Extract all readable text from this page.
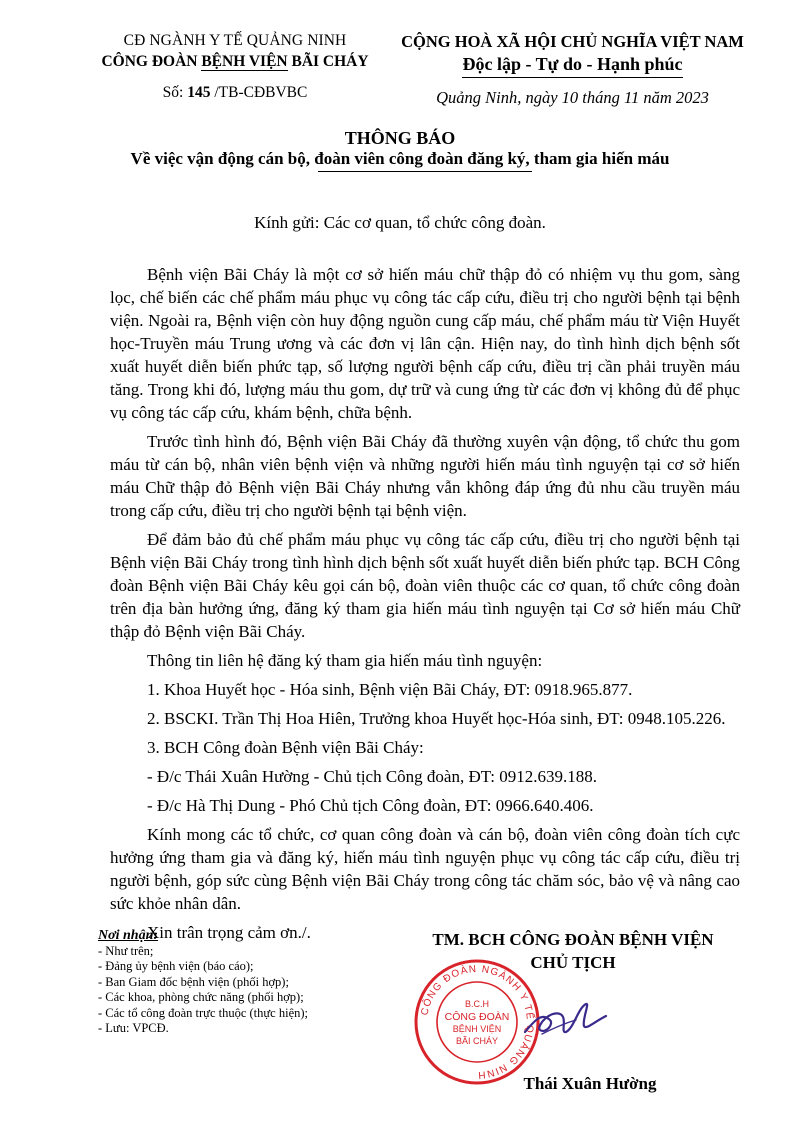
CĐ NGÀNH Y TẾ QUẢNG NINH
CÔNG ĐOÀN BỆNH VIỆN BÃI CHÁY
Số: 145 /TB-CĐBVBC
CỘNG HOÀ XÃ HỘI CHỦ NGHĨA VIỆT NAM
Độc lập - Tự do - Hạnh phúc
Quảng Ninh, ngày 10 tháng 11 năm 2023
THÔNG BÁO
Về việc vận động cán bộ, đoàn viên công đoàn đăng ký, tham gia hiến máu
Kính gửi: Các cơ quan, tổ chức công đoàn.

Bệnh viện Bãi Cháy là một cơ sở hiến máu chữ thập đỏ có nhiệm vụ thu gom, sàng lọc, chế biến các chế phẩm máu phục vụ công tác cấp cứu, điều trị cho người bệnh tại bệnh viện. Ngoài ra, Bệnh viện còn huy động nguồn cung cấp máu, chế phẩm máu từ Viện Huyết học-Truyền máu Trung ương và các đơn vị lân cận. Hiện nay, do tình hình dịch bệnh sốt xuất huyết diễn biến phức tạp, số lượng người bệnh cấp cứu, điều trị cần phải truyền máu tăng. Trong khi đó, lượng máu thu gom, dự trữ và cung ứng từ các đơn vị không đủ để phục vụ công tác cấp cứu, khám bệnh, chữa bệnh.

Trước tình hình đó, Bệnh viện Bãi Cháy đã thường xuyên vận động, tổ chức thu gom máu từ cán bộ, nhân viên bệnh viện và những người hiến máu tình nguyện tại cơ sở hiến máu Chữ thập đỏ Bệnh viện Bãi Cháy nhưng vẫn không đáp ứng đủ nhu cầu truyền máu trong cấp cứu, điều trị cho người bệnh tại bệnh viện.

Để đảm bảo đủ chế phẩm máu phục vụ công tác cấp cứu, điều trị cho người bệnh tại Bệnh viện Bãi Cháy trong tình hình dịch bệnh sốt xuất huyết diễn biến phức tạp. BCH Công đoàn Bệnh viện Bãi Cháy kêu gọi cán bộ, đoàn viên thuộc các cơ quan, tổ chức công đoàn trên địa bàn hưởng ứng, đăng ký tham gia hiến máu tình nguyện tại Cơ sở hiến máu Chữ thập đỏ Bệnh viện Bãi Cháy.

Thông tin liên hệ đăng ký tham gia hiến máu tình nguyện:

1. Khoa Huyết học - Hóa sinh, Bệnh viện Bãi Cháy, ĐT: 0918.965.877.

2. BSCKI. Trần Thị Hoa Hiên, Trưởng khoa Huyết học-Hóa sinh, ĐT: 0948.105.226.

3. BCH Công đoàn Bệnh viện Bãi Cháy:

- Đ/c Thái Xuân Hường - Chủ tịch Công đoàn, ĐT: 0912.639.188.

- Đ/c Hà Thị Dung - Phó Chủ tịch Công đoàn, ĐT: 0966.640.406.

Kính mong các tổ chức, cơ quan công đoàn và cán bộ, đoàn viên công đoàn tích cực hưởng ứng tham gia và đăng ký, hiến máu tình nguyện phục vụ công tác cấp cứu, điều trị người bệnh, góp sức cùng Bệnh viện Bãi Cháy trong công tác chăm sóc, bảo vệ và nâng cao sức khỏe nhân dân.

Xin trân trọng cảm ơn./.

Nơi nhận:
- Như trên;
- Đảng ủy bệnh viện (báo cáo);
- Ban Giam đốc bệnh viện (phối hợp);
- Các khoa, phòng chức năng (phối hợp);
- Các tổ công đoàn trực thuộc (thực hiện);
- Lưu: VPCĐ.
TM. BCH CÔNG ĐOÀN BỆNH VIỆN
CHỦ TỊCH
CÔNG ĐOÀN NGÀNH Y TẾ QUẢNG NINH
B.C.H
CÔNG ĐOÀN
BỆNH VIỆN
BÃI CHÁY
Thái Xuân Hường
